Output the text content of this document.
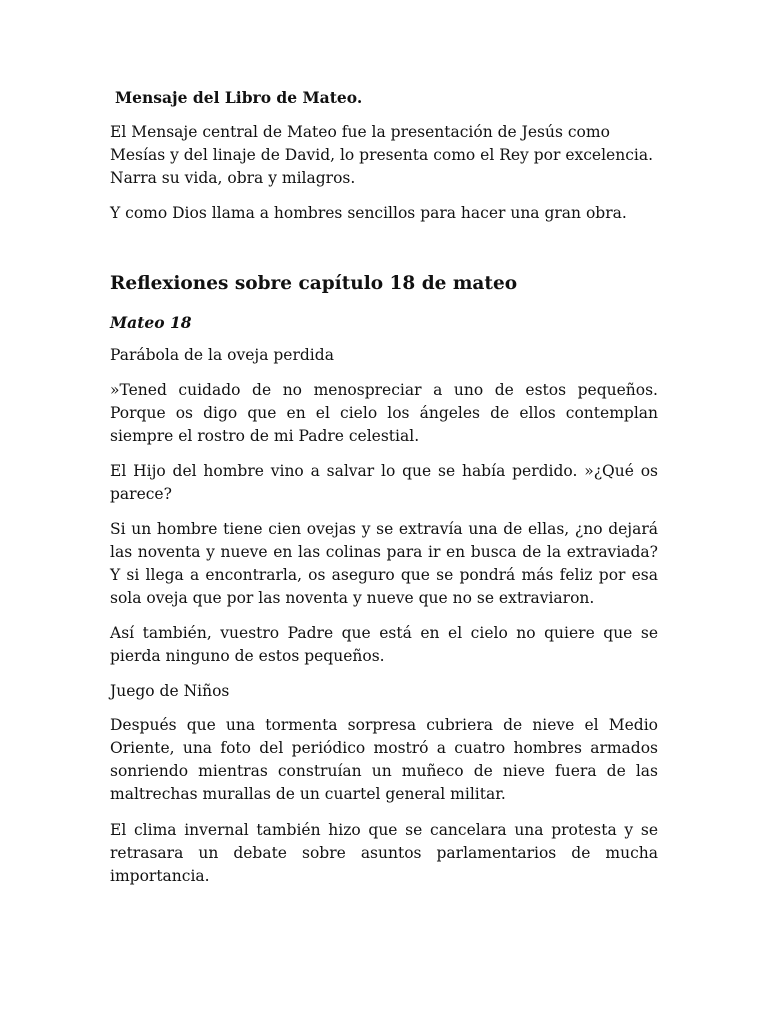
Mensaje del Libro de Mateo.

El Mensaje central de Mateo fue la presentación de Jesús como Mesías y del linaje de David, lo presenta como el Rey por excelencia. Narra su vida, obra y milagros.

Y como Dios llama a hombres sencillos para hacer una gran obra.

Reflexiones sobre capítulo 18 de mateo

Mateo 18

Parábola de la oveja perdida

»Tened cuidado de no menospreciar a uno de estos pequeños. Porque os digo que en el cielo los ángeles de ellos contemplan siempre el rostro de mi Padre celestial.

El Hijo del hombre vino a salvar lo que se había perdido. »¿Qué os parece?

Si un hombre tiene cien ovejas y se extravía una de ellas, ¿no dejará las noventa y nueve en las colinas para ir en busca de la extraviada? Y si llega a encontrarla, os aseguro que se pondrá más feliz por esa sola oveja que por las noventa y nueve que no se extraviaron.

Así también, vuestro Padre que está en el cielo no quiere que se pierda ninguno de estos pequeños.

Juego de Niños

Después que una tormenta sorpresa cubriera de nieve el Medio Oriente, una foto del periódico mostró a cuatro hombres armados sonriendo mientras construían un muñeco de nieve fuera de las maltrechas murallas de un cuartel general militar.

El clima invernal también hizo que se cancelara una protesta y se retrasara un debate sobre asuntos parlamentarios de mucha importancia.
